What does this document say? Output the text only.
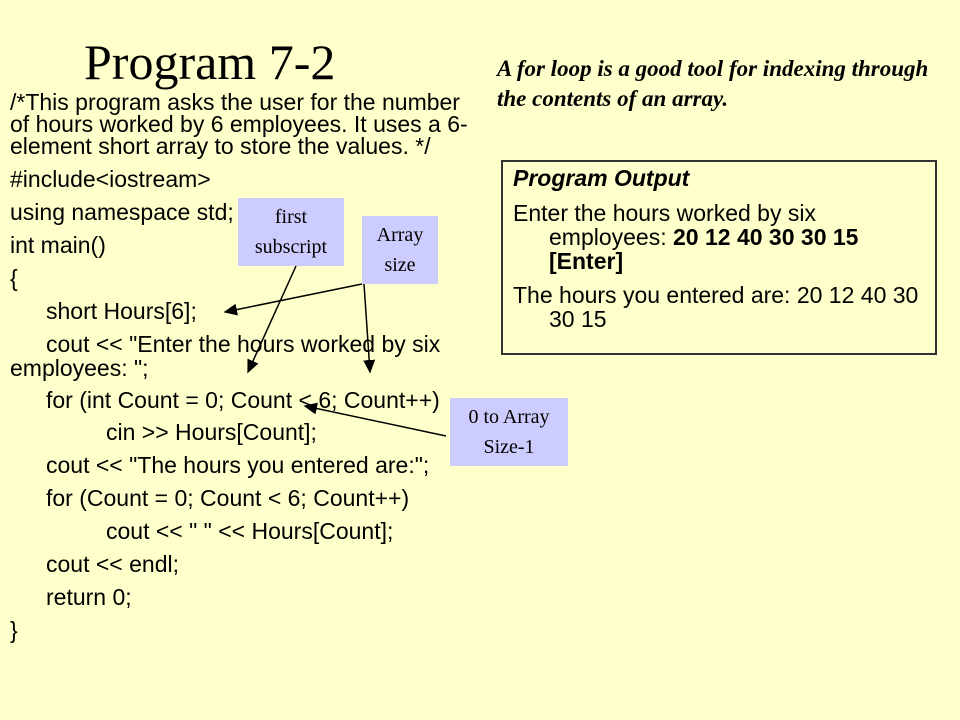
Program 7-2	A for loop is a good tool for indexing through the contents of an array.
/*This program asks the user for the number of hours worked by 6 employees. It uses a 6-element short array to store the values. */
#include<iostream>
using namespace std;
int main()
{
short Hours[6];
cout << "Enter the hours worked by six employees: ";
for (int Count = 0; Count < 6; Count++)
cin >> Hours[Count];
cout << "The hours you entered are:";
for (Count = 0; Count < 6; Count++)
cout << " " << Hours[Count];
cout << endl;
return 0;
}
first
subscript
Array
size
0 to Array
Size-1
Program Output
Enter the hours worked by six employees: 20 12 40 30 30 15 [Enter]
The hours you entered are: 20 12 40 30 30 15
